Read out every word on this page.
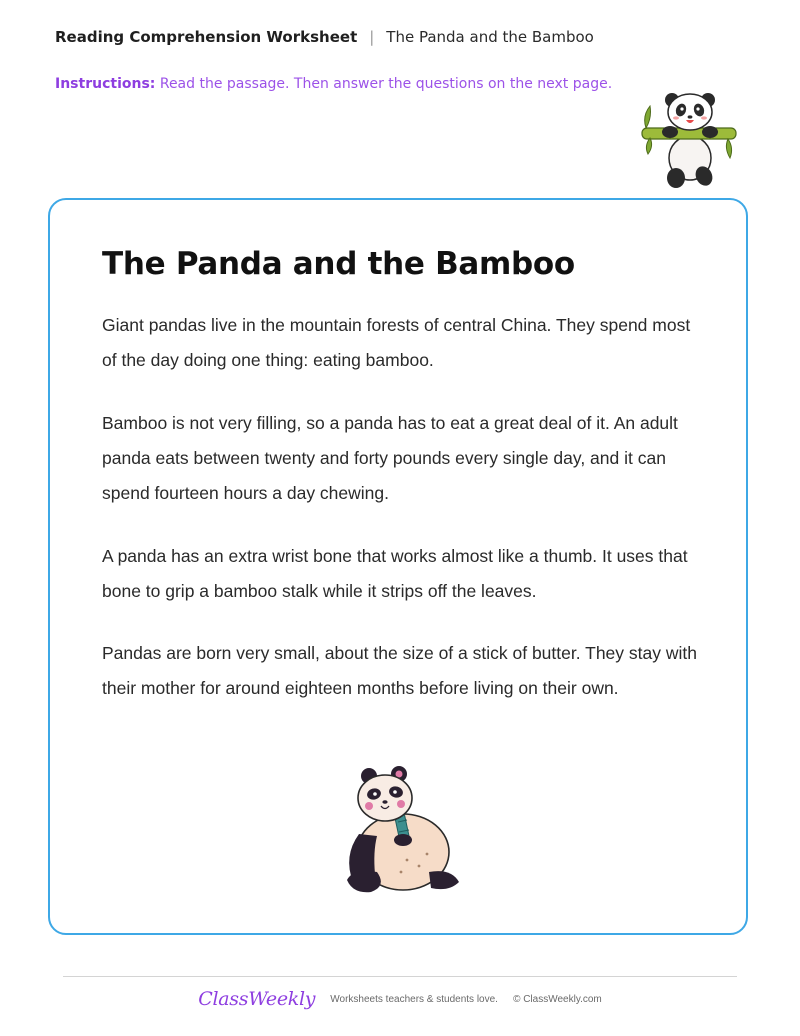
Reading Comprehension Worksheet | The Panda and the Bamboo
Instructions: Read the passage. Then answer the questions on the next page.
The Panda and the Bamboo

Giant pandas live in the mountain forests of central China. They spend most of the day doing one thing: eating bamboo.

Bamboo is not very filling, so a panda has to eat a great deal of it. An adult panda eats between twenty and forty pounds every single day, and it can spend fourteen hours a day chewing.

A panda has an extra wrist bone that works almost like a thumb. It uses that bone to grip a bamboo stalk while it strips off the leaves.

Pandas are born very small, about the size of a stick of butter. They stay with their mother for around eighteen months before living on their own.

ClassWeekly Worksheets teachers & students love. © ClassWeekly.com
